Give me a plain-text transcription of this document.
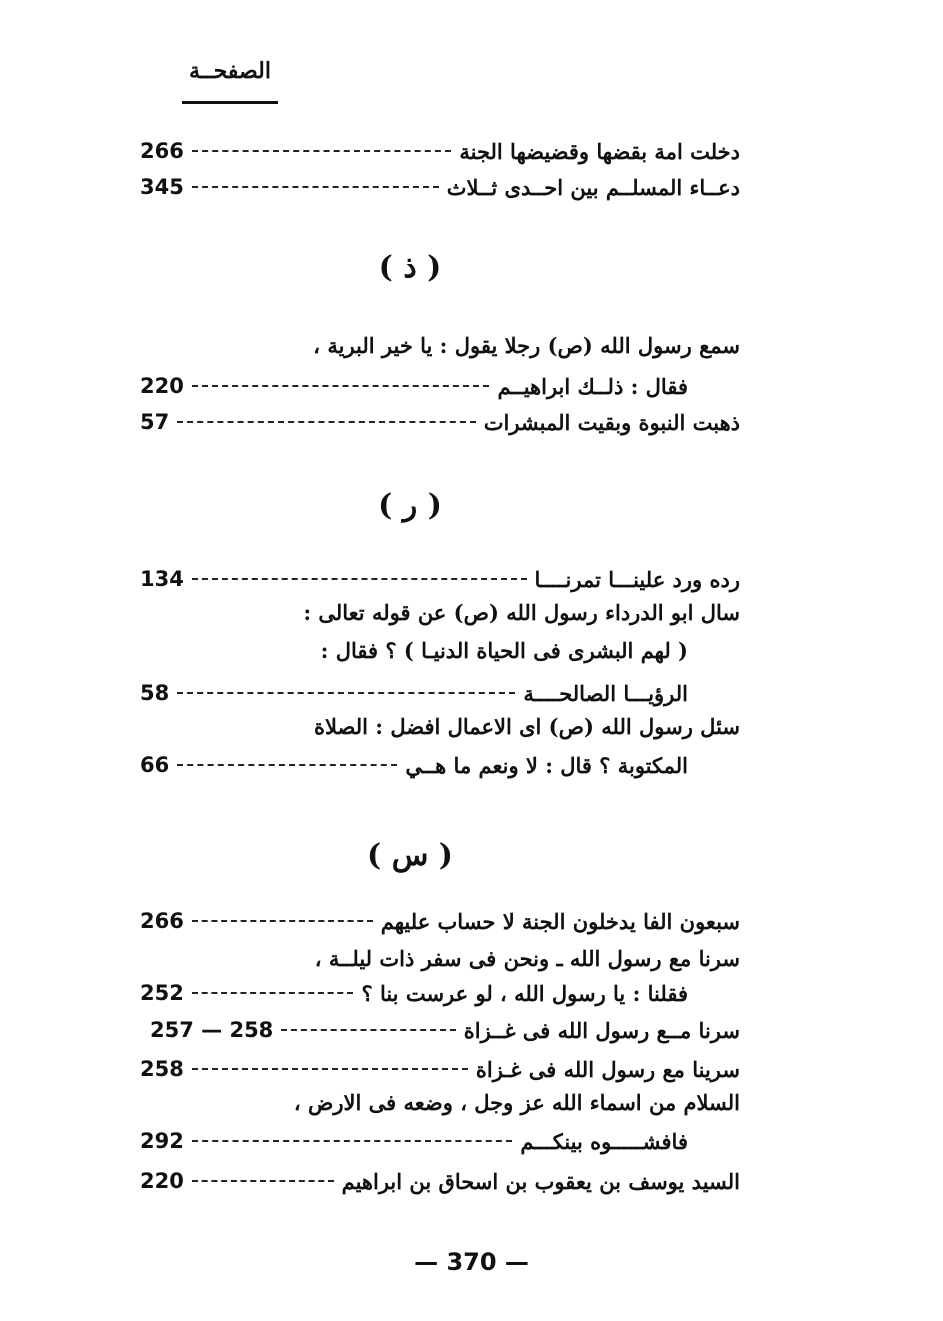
الصفحــة
دخلت امة بقضها وقضيضها الجنة
266
دعــاء المسلــم بين احــدى ثــلاث
345
( ذ )
سمع رسول الله (ص) رجلا يقول : يا خير البرية ،
فقال : ذلــك ابراهيــم
220
ذهبت النبوة وبقيت المبشرات
57
( ر )
رده ورد علينـــا تمرنــــا
134
سال ابو الدرداء رسول الله (ص) عن قوله تعالى :
( لهم البشرى فى الحياة الدنيـا ) ؟ فقال :
الرؤيـــا الصالحــــة
58
سئل رسول الله (ص) اى الاعمال افضل : الصلاة
المكتوبة ؟ قال : لا ونعم ما هــي
66
( س )
سبعون الفا يدخلون الجنة لا حساب عليهم
266
سرنا مع رسول الله ـ ونحن فى سفر ذات ليلــة ،
فقلنا : يا رسول الله ، لو عرست بنا ؟
252
سرنا مــع رسول الله فى غــزاة
257 — 258
سرينا مع رسول الله فى غـزاة
258
السلام من اسماء الله عز وجل ، وضعه فى الارض ،
فافشـــــوه بينكـــم
292
السيد يوسف بن يعقوب بن اسحاق بن ابراهيم
220
— 370 —
